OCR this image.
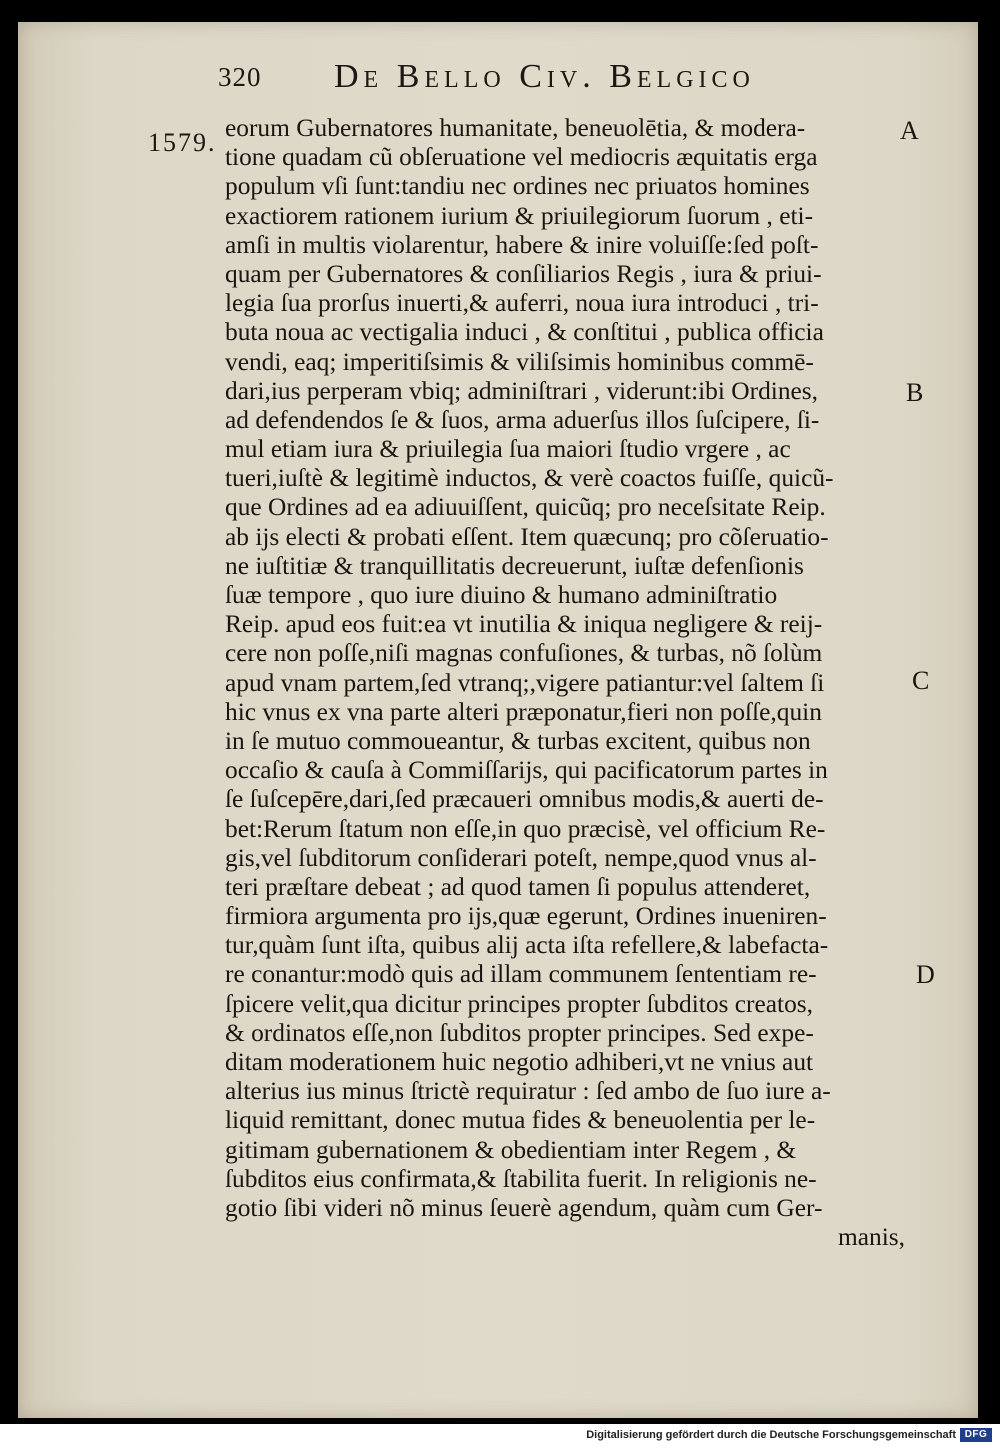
320 De Bello Civ. Belgico
1579.	A
B
C
D
eorum Gubernatores humanitate, beneuolētia, & modera-
tione quadam cũ obſeruatione vel mediocris æquitatis erga
populum vſi ſunt:tandiu nec ordines nec priuatos homines
exactiorem rationem iurium & priuilegiorum ſuorum , eti-
amſi in multis violarentur, habere & inire voluiſſe:ſed poſt-
quam per Gubernatores & conſiliarios Regis , iura & priui-
legia ſua prorſus inuerti,& auferri, noua iura introduci , tri-
buta noua ac vectigalia induci , & conſtitui , publica officia
vendi, eaq; imperitiſsimis & viliſsimis hominibus commē-
dari,ius perperam vbiq; adminiſtrari , viderunt:ibi Ordines,
ad defendendos ſe & ſuos, arma aduerſus illos ſuſcipere, ſi-
mul etiam iura & priuilegia ſua maiori ſtudio vrgere , ac
tueri,iuſtè & legitimè inductos, & verè coactos fuiſſe, quicũ-
que Ordines ad ea adiuuiſſent, quicũq; pro neceſsitate Reip.
ab ijs electi & probati eſſent. Item quæcunq; pro cõſeruatio-
ne iuſtitiæ & tranquillitatis decreuerunt, iuſtæ defenſionis
ſuæ tempore , quo iure diuino & humano adminiſtratio
Reip. apud eos fuit:ea vt inutilia & iniqua negligere & reij-
cere non poſſe,niſi magnas confuſiones, & turbas, nõ ſolùm
apud vnam partem,ſed vtranq;,vigere patiantur:vel ſaltem ſi
hic vnus ex vna parte alteri præponatur,fieri non poſſe,quin
in ſe mutuo commoueantur, & turbas excitent, quibus non
occaſio & cauſa à Commiſſarijs, qui pacificatorum partes in
ſe ſuſcepēre,dari,ſed præcaueri omnibus modis,& auerti de-
bet:Rerum ſtatum non eſſe,in quo præcisè, vel officium Re-
gis,vel ſubditorum conſiderari poteſt, nempe,quod vnus al-
teri præſtare debeat ; ad quod tamen ſi populus attenderet,
firmiora argumenta pro ijs,quæ egerunt, Ordines inueniren-
tur,quàm ſunt iſta, quibus alij acta iſta refellere,& labefacta-
re conantur:modò quis ad illam communem ſententiam re-
ſpicere velit,qua dicitur principes propter ſubditos creatos,
& ordinatos eſſe,non ſubditos propter principes. Sed expe-
ditam moderationem huic negotio adhiberi,vt ne vnius aut
alterius ius minus ſtrictè requiratur : ſed ambo de ſuo iure a-
liquid remittant, donec mutua fides & beneuolentia per le-
gitimam gubernationem & obedientiam inter Regem , &
ſubditos eius confirmata,& ſtabilita fuerit. In religionis ne-
gotio ſibi videri nõ minus ſeuerè agendum, quàm cum Ger-
manis,
Digitalisierung gefördert durch die Deutsche Forschungsgemeinschaft DFG
